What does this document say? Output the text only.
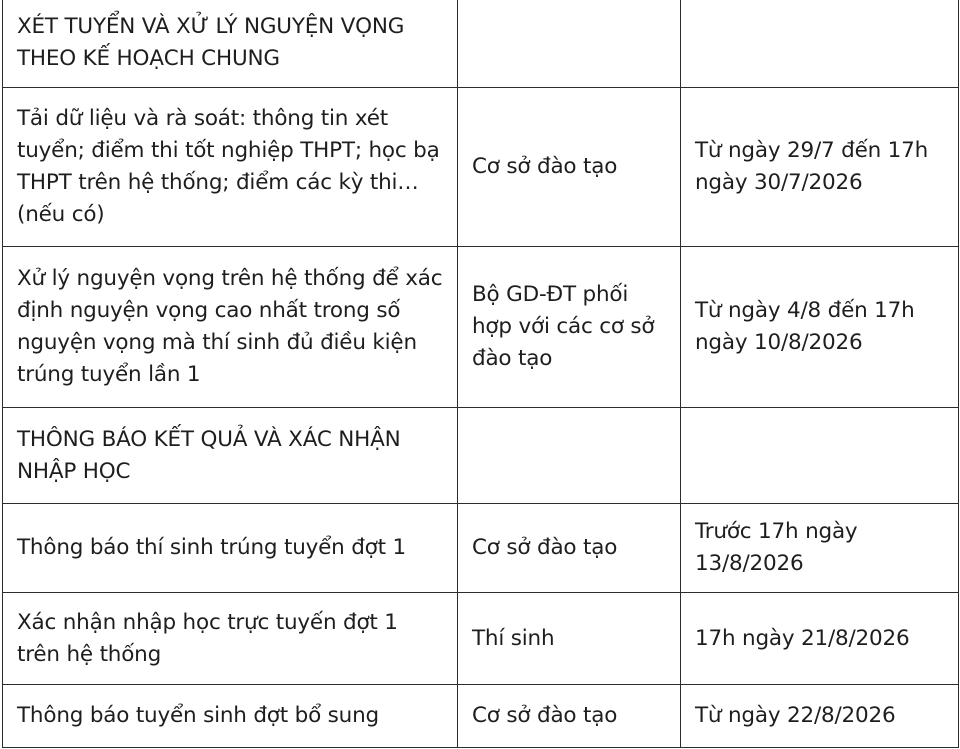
XÉT TUYỂN VÀ XỬ LÝ NGUYỆN VỌNG THEO KẾ HOẠCH CHUNG		

Tải dữ liệu và rà soát: thông tin xét tuyển; điểm thi tốt nghiệp THPT; học bạ THPT trên hệ thống; điểm các kỳ thi… (nếu có)	Cơ sở đào tạo	Từ ngày 29/7 đến 17h ngày 30/7/2026

Xử lý nguyện vọng trên hệ thống để xác định nguyện vọng cao nhất trong số nguyện vọng mà thí sinh đủ điều kiện trúng tuyển lần 1	Bộ GD-ĐT phối hợp với các cơ sở đào tạo	Từ ngày 4/8 đến 17h ngày 10/8/2026

THÔNG BÁO KẾT QUẢ VÀ XÁC NHẬN NHẬP HỌC		

Thông báo thí sinh trúng tuyển đợt 1	Cơ sở đào tạo	Trước 17h ngày 13/8/2026

Xác nhận nhập học trực tuyến đợt 1 trên hệ thống	Thí sinh	17h ngày 21/8/2026

Thông báo tuyển sinh đợt bổ sung	Cơ sở đào tạo	Từ ngày 22/8/2026
